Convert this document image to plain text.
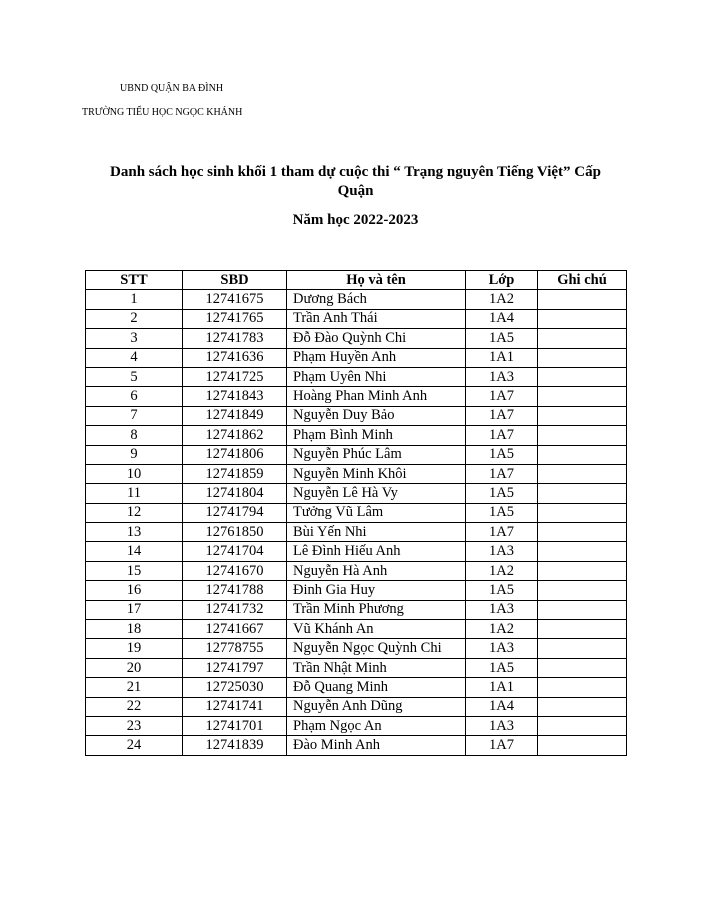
UBND QUẬN BA ĐÌNH
TRƯỜNG TIỂU HỌC NGỌC KHÁNH
Danh sách học sinh khối 1 tham dự cuộc thi “ Trạng nguyên Tiếng Việt” Cấp Quận
Năm học 2022-2023
STT	SBD	Họ và tên	Lớp	Ghi chú
1	12741675	Dương Bách	1A2	
2	12741765	Trần Anh Thái	1A4	
3	12741783	Đỗ Đào Quỳnh Chi	1A5	
4	12741636	Phạm Huyền Anh	1A1	
5	12741725	Phạm Uyên Nhi	1A3	
6	12741843	Hoàng Phan Minh Anh	1A7	
7	12741849	Nguyễn Duy Bảo	1A7	
8	12741862	Phạm Bình Minh	1A7	
9	12741806	Nguyễn Phúc Lâm	1A5	
10	12741859	Nguyễn Minh Khôi	1A7	
11	12741804	Nguyễn Lê Hà Vy	1A5	
12	12741794	Tưởng Vũ Lâm	1A5	
13	12761850	Bùi Yến Nhi	1A7	
14	12741704	Lê Đình Hiếu Anh	1A3	
15	12741670	Nguyễn Hà Anh	1A2	
16	12741788	Đinh Gia Huy	1A5	
17	12741732	Trần Minh Phương	1A3	
18	12741667	Vũ Khánh An	1A2	
19	12778755	Nguyễn Ngọc Quỳnh Chi	1A3	
20	12741797	Trần Nhật Minh	1A5	
21	12725030	Đỗ Quang Minh	1A1	
22	12741741	Nguyễn Anh Dũng	1A4	
23	12741701	Phạm Ngọc An	1A3	
24	12741839	Đào Minh Anh	1A7	
